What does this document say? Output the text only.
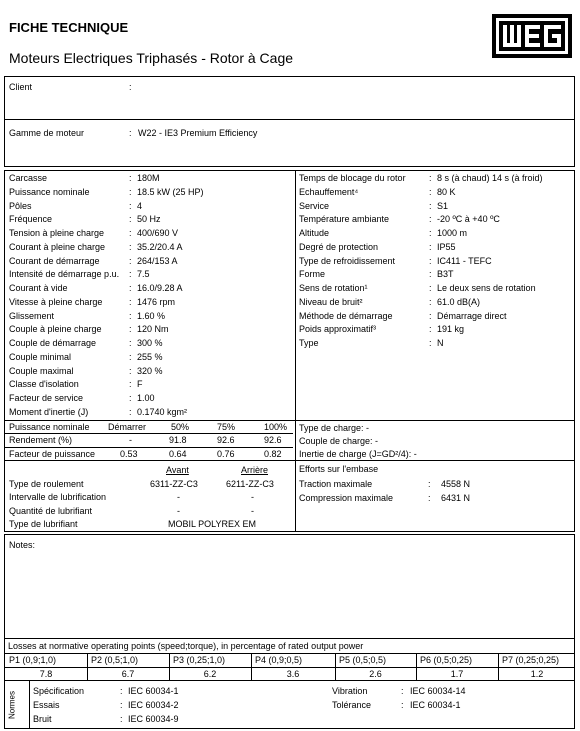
FICHE TECHNIQUE
Moteurs Electriques Triphasés - Rotor à Cage
Client	:
Gamme de moteur	: W22 - IE3 Premium Efficiency
Carcasse	: 180M
Puissance nominale	: 18.5 kW (25 HP)
Pôles	: 4
Fréquence	: 50 Hz
Tension à pleine charge	: 400/690 V
Courant à pleine charge	: 35.2/20.4 A
Courant de démarrage	: 264/153 A
Intensité de démarrage p.u. : 7.5
Courant à vide	: 16.0/9.28 A
Vitesse à pleine charge	: 1476 rpm
Glissement	: 1.60 %
Couple à pleine charge	: 120 Nm
Couple de démarrage	: 300 %
Couple minimal	: 255 %
Couple maximal	: 320 %
Classe d'isolation	: F
Facteur de service	: 1.00
Moment d'inertie (J)	: 0.1740 kgm²
Temps de blocage du rotor	: 8 s (à chaud) 14 s (à froid)
Echauffement⁴	: 80 K
Service	: S1
Température ambiante	: -20 ºC à +40 ºC
Altitude	: 1000 m
Degré de protection	: IP55
Type de refroidissement	: IC411 - TEFC
Forme	: B3T
Sens de rotation¹	: Le deux sens de rotation
Niveau de bruit²	: 61.0 dB(A)
Méthode de démarrage	: Démarrage direct
Poids approximatif³	: 191 kg
Type	: N
Puissance nominale Démarrer	50%	75%	100%
Rendement (%)	-	91.8	92.6	92.6
Facteur de puissance	0.53	0.64	0.76	0.82
Type de charge: -
Couple de charge: -
Inertie de charge (J=GD²/4): -
Avant	Arrière
Type de roulement	6311-ZZ-C3	6211-ZZ-C3
Intervalle de lubrification	-	-
Quantité de lubrifiant	-	-
Type de lubrifiant	MOBIL POLYREX EM
Efforts sur l'embase
Traction maximale	: 4558 N
Compression maximale	: 6431 N
Notes:
Losses at normative operating points (speed;torque), in percentage of rated output power
P1 (0,9;1,0)
7.8
P2 (0,5;1,0)
6.7
P3 (0,25;1,0)
6.2
P4 (0,9;0,5)
3.6
P5 (0,5;0,5)
2.6
P6 (0,5;0,25)
1.7
P7 (0,25;0,25)
1.2
Normes Spécification	: IEC 60034-1
Essais	: IEC 60034-2
Bruit	: IEC 60034-9
Vibration	: IEC 60034-14
Tolérance	: IEC 60034-1
